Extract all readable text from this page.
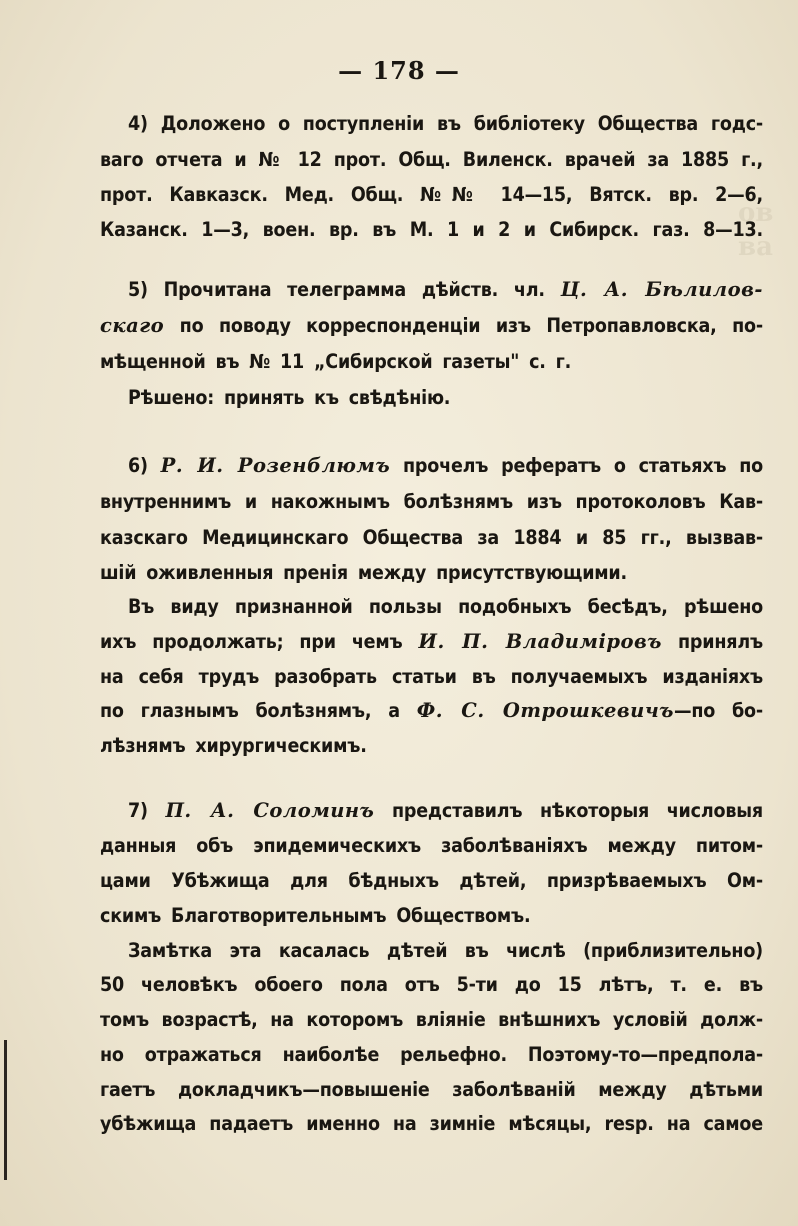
ов
ва
— 178 —
4) Доложено о поступленіи въ библіотеку Общества годс-
ваго отчета и № 12 прот. Общ. Виленск. врачей за 1885 г.,
прот. Кавказск. Мед. Общ. №№ 14—15, Вятск. вр. 2—6,
Казанск. 1—3, воен. вр. въ М. 1 и 2 и Сибирск. газ. 8—13.
5) Прочитана телеграмма дѣйств. чл. Ц. А. Бѣлилов-
скаго по поводу корреспонденціи изъ Петропавловска, по-
мѣщенной въ № 11 „Сибирской газеты" с. г.
Рѣшено: принять къ свѣдѣнію.
6) Р. И. Розенблюмъ прочелъ рефератъ о статьяхъ по
внутреннимъ и накожнымъ болѣзнямъ изъ протоколовъ Кав-
казскаго Медицинскаго Общества за 1884 и 85 гг., вызвав-
шій оживленныя пренія между присутствующими.
Въ виду признанной пользы подобныхъ бесѣдъ, рѣшено
ихъ продолжать; при чемъ И. П. Владиміровъ принялъ
на себя трудъ разобрать статьи въ получаемыхъ изданіяхъ
по глазнымъ болѣзнямъ, а Ф. С. Отрошкевичъ—по бо-
лѣзнямъ хирургическимъ.
7) П. А. Соломинъ представилъ нѣкоторыя числовыя
данныя объ эпидемическихъ заболѣваніяхъ между питом-
цами Убѣжища для бѣдныхъ дѣтей, призрѣваемыхъ Ом-
скимъ Благотворительнымъ Обществомъ.
Замѣтка эта касалась дѣтей въ числѣ (приблизительно)
50 человѣкъ обоего пола отъ 5-ти до 15 лѣтъ, т. е. въ
томъ возрастѣ, на которомъ вліяніе внѣшнихъ условій долж-
но отражаться наиболѣе рельефно. Поэтому-то—предпола-
гаетъ докладчикъ—повышеніе заболѣваній между дѣтьми
убѣжища падаетъ именно на зимніе мѣсяцы, resp. на самое
